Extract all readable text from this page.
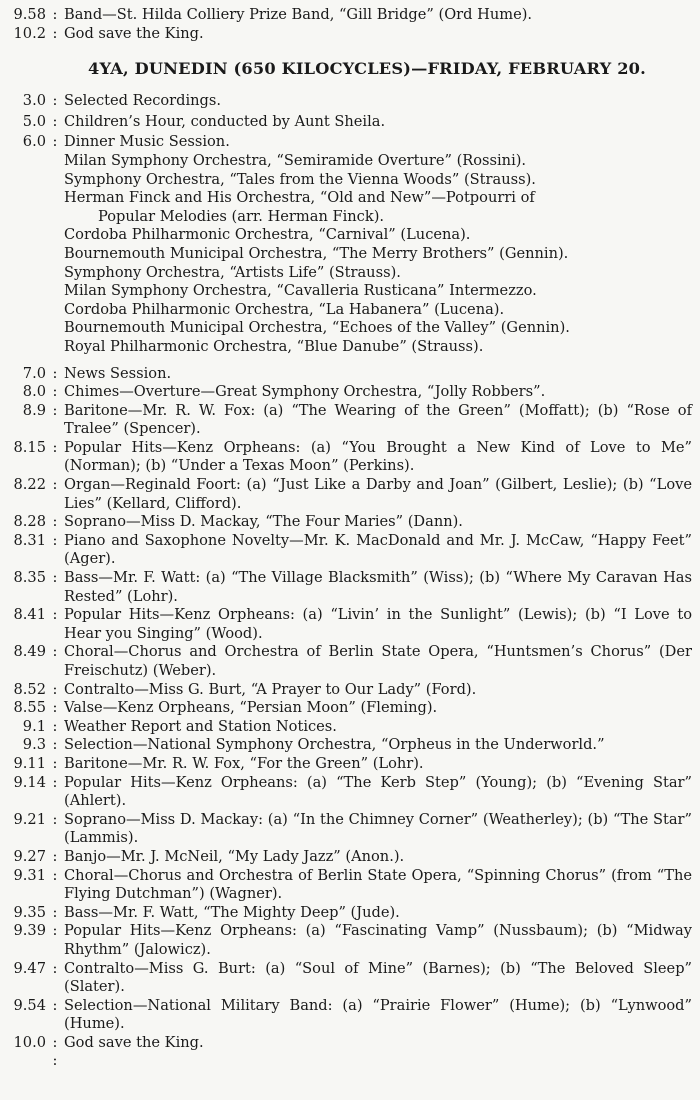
9.58 : Band—St. Hilda Colliery Prize Band, “Gill Bridge” (Ord Hume).
10.2 : God save the King.
4YA, DUNEDIN (650 KILOCYCLES)—FRIDAY, FEBRUARY 20.
3.0 : Selected Recordings.
5.0 : Children’s Hour, conducted by Aunt Sheila.
6.0 : Dinner Music Session.
Milan Symphony Orchestra, “Semiramide Overture” (Rossini).
Symphony Orchestra, “Tales from the Vienna Woods” (Strauss).
Herman Finck and His Orchestra, “Old and New”—Potpourri of
Popular Melodies (arr. Herman Finck).
Cordoba Philharmonic Orchestra, “Carnival” (Lucena).
Bournemouth Municipal Orchestra, “The Merry Brothers” (Gennin).
Symphony Orchestra, “Artists Life” (Strauss).
Milan Symphony Orchestra, “Cavalleria Rusticana” Intermezzo.
Cordoba Philharmonic Orchestra, “La Habanera” (Lucena).
Bournemouth Municipal Orchestra, “Echoes of the Valley” (Gennin).
Royal Philharmonic Orchestra, “Blue Danube” (Strauss).
7.0 : News Session.
8.0 : Chimes—Overture—Great Symphony Orchestra, “Jolly Robbers”.
8.9 : Baritone—Mr. R. W. Fox: (a) “The Wearing of the Green” (Moffatt); (b) “Rose of Tralee” (Spencer).
8.15 : Popular Hits—Kenz Orpheans: (a) “You Brought a New Kind of Love to Me” (Norman); (b) “Under a Texas Moon” (Perkins).
8.22 : Organ—Reginald Foort: (a) “Just Like a Darby and Joan” (Gilbert, Leslie); (b) “Love Lies” (Kellard, Clifford).
8.28 : Soprano—Miss D. Mackay, “The Four Maries” (Dann).
8.31 : Piano and Saxophone Novelty—Mr. K. MacDonald and Mr. J. McCaw, “Happy Feet” (Ager).
8.35 : Bass—Mr. F. Watt: (a) “The Village Blacksmith” (Wiss); (b) “Where My Caravan Has Rested” (Lohr).
8.41 : Popular Hits—Kenz Orpheans: (a) “Livin’ in the Sunlight” (Lewis); (b) “I Love to Hear you Singing” (Wood).
8.49 : Choral—Chorus and Orchestra of Berlin State Opera, “Huntsmen’s Chorus” (Der Freischutz) (Weber).
8.52 : Contralto—Miss G. Burt, “A Prayer to Our Lady” (Ford).
8.55 : Valse—Kenz Orpheans, “Persian Moon” (Fleming).
9.1 : Weather Report and Station Notices.
9.3 : Selection—National Symphony Orchestra, “Orpheus in the Underworld.”
9.11 : Baritone—Mr. R. W. Fox, “For the Green” (Lohr).
9.14 : Popular Hits—Kenz Orpheans: (a) “The Kerb Step” (Young); (b) “Evening Star” (Ahlert).
9.21 : Soprano—Miss D. Mackay: (a) “In the Chimney Corner” (Weatherley); (b) “The Star” (Lammis).
9.27 : Banjo—Mr. J. McNeil, “My Lady Jazz” (Anon.).
9.31 : Choral—Chorus and Orchestra of Berlin State Opera, “Spinning Chorus” (from “The Flying Dutchman”) (Wagner).
9.35 : Bass—Mr. F. Watt, “The Mighty Deep” (Jude).
9.39 : Popular Hits—Kenz Orpheans: (a) “Fascinating Vamp” (Nussbaum); (b) “Midway Rhythm” (Jalowicz).
9.47 : Contralto—Miss G. Burt: (a) “Soul of Mine” (Barnes); (b) “The Beloved Sleep” (Slater).
9.54 : Selection—National Military Band: (a) “Prairie Flower” (Hume); (b) “Lynwood” (Hume).
10.0 : God save the King.
:
